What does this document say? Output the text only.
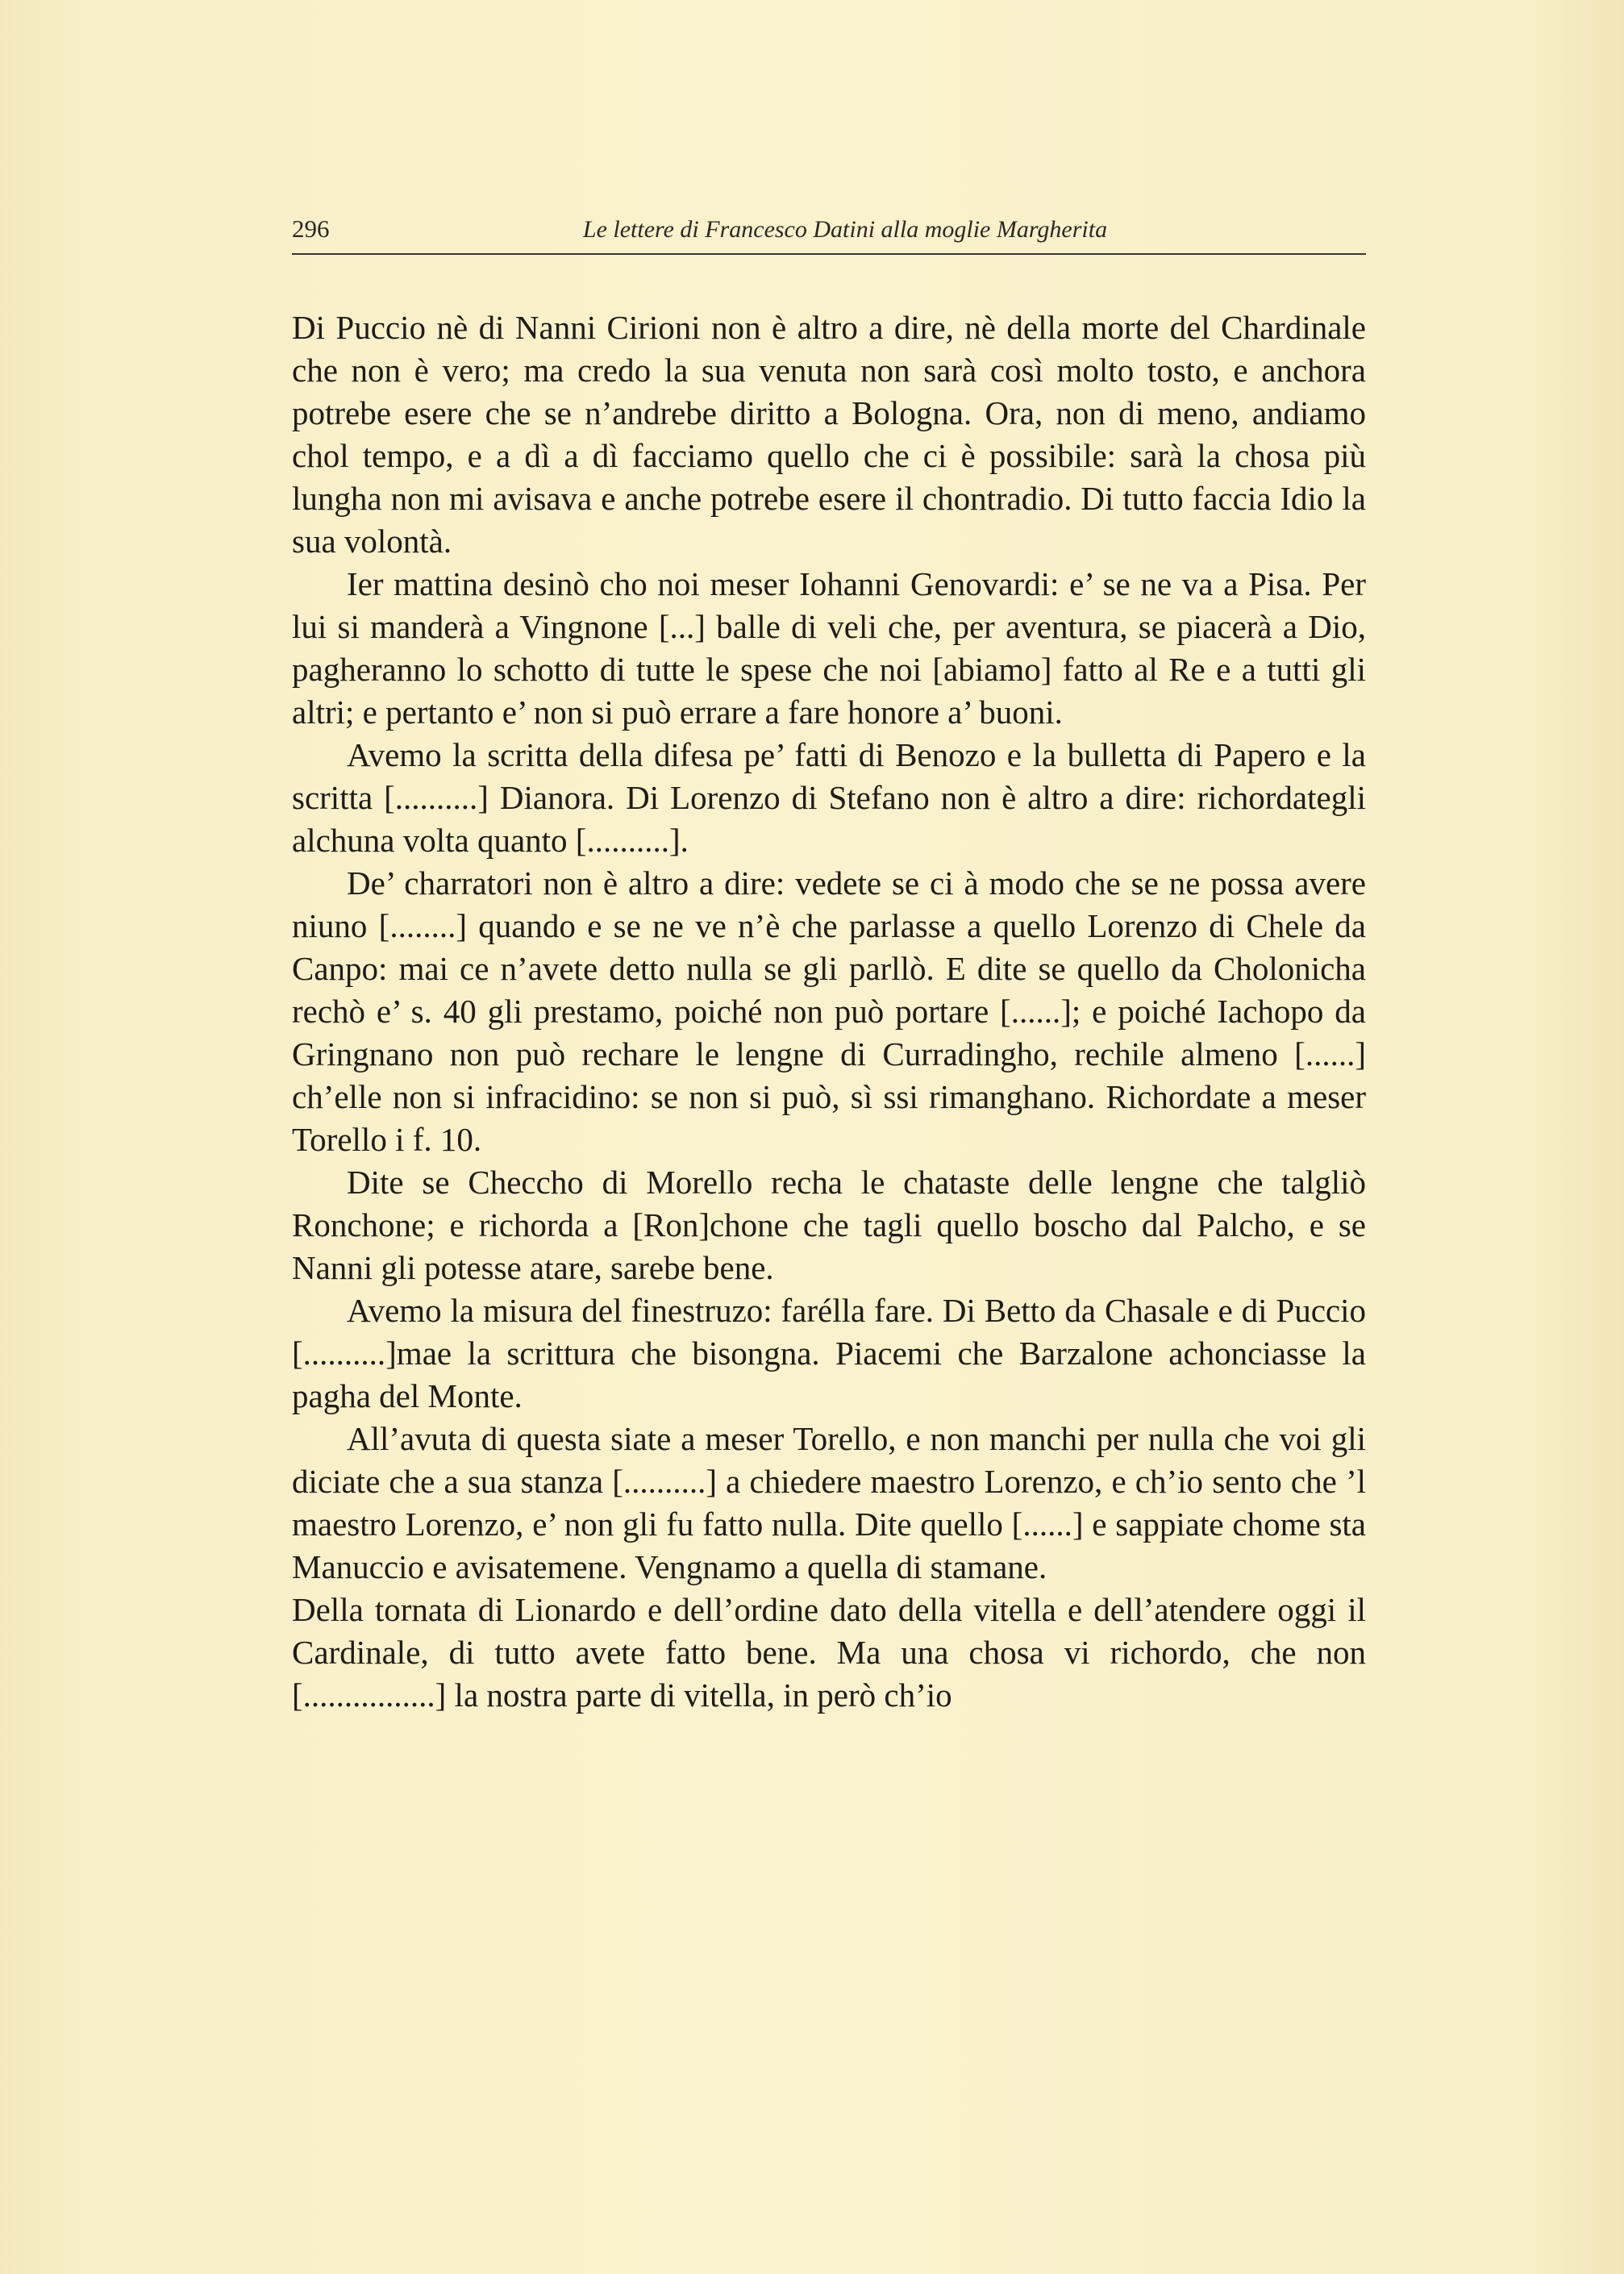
296	Le lettere di Francesco Datini alla moglie Margherita

Di Puccio nè di Nanni Cirioni non è altro a dire, nè della morte del Chardinale che non è vero; ma credo la sua venuta non sarà così molto tosto, e anchora potrebe esere che se n’andrebe diritto a Bologna. Ora, non di meno, andiamo chol tempo, e a dì a dì facciamo quello che ci è possibile: sarà la chosa più lungha non mi avisava e anche potrebe esere il chontradio. Di tutto faccia Idio la sua volontà.

Ier mattina desinò cho noi meser Iohanni Genovardi: e’ se ne va a Pisa. Per lui si manderà a Vingnone [...] balle di veli che, per aventura, se piacerà a Dio, pagheranno lo schotto di tutte le spese che noi [abiamo] fatto al Re e a tutti gli altri; e pertanto e’ non si può errare a fare honore a’ buoni.

Avemo la scritta della difesa pe’ fatti di Benozo e la bulletta di Papero e la scritta [..........] Dianora. Di Lorenzo di Stefano non è altro a dire: richordategli alchuna volta quanto [..........].

De’ charratori non è altro a dire: vedete se ci à modo che se ne possa avere niuno [........] quando e se ne ve n’è che parlasse a quello Lorenzo di Chele da Canpo: mai ce n’avete detto nulla se gli parllò. E dite se quello da Cholonicha rechò e’ s. 40 gli prestamo, poiché non può portare [......]; e poiché Iachopo da Gringnano non può rechare le lengne di Curradingho, rechile almeno [......] ch’elle non si infracidino: se non si può, sì ssi rimanghano. Richordate a meser Torello i f. 10.

Dite se Checcho di Morello recha le chataste delle lengne che talgliò Ronchone; e richorda a [Ron]chone che tagli quello boscho dal Palcho, e se Nanni gli potesse atare, sarebe bene.

Avemo la misura del finestruzo: farélla fare. Di Betto da Chasale e di Puccio [..........]mae la scrittura che bisongna. Piacemi che Barzalone achonciasse la pagha del Monte.

All’avuta di questa siate a meser Torello, e non manchi per nulla che voi gli diciate che a sua stanza [..........] a chiedere maestro Lorenzo, e ch’io sento che ’l maestro Lorenzo, e’ non gli fu fatto nulla. Dite quello [......] e sappiate chome sta Manuccio e avisatemene. Vengnamo a quella di stamane.

Della tornata di Lionardo e dell’ordine dato della vitella e dell’atendere oggi il Cardinale, di tutto avete fatto bene. Ma una chosa vi richordo, che non [................] la nostra parte di vitella, in però ch’io
